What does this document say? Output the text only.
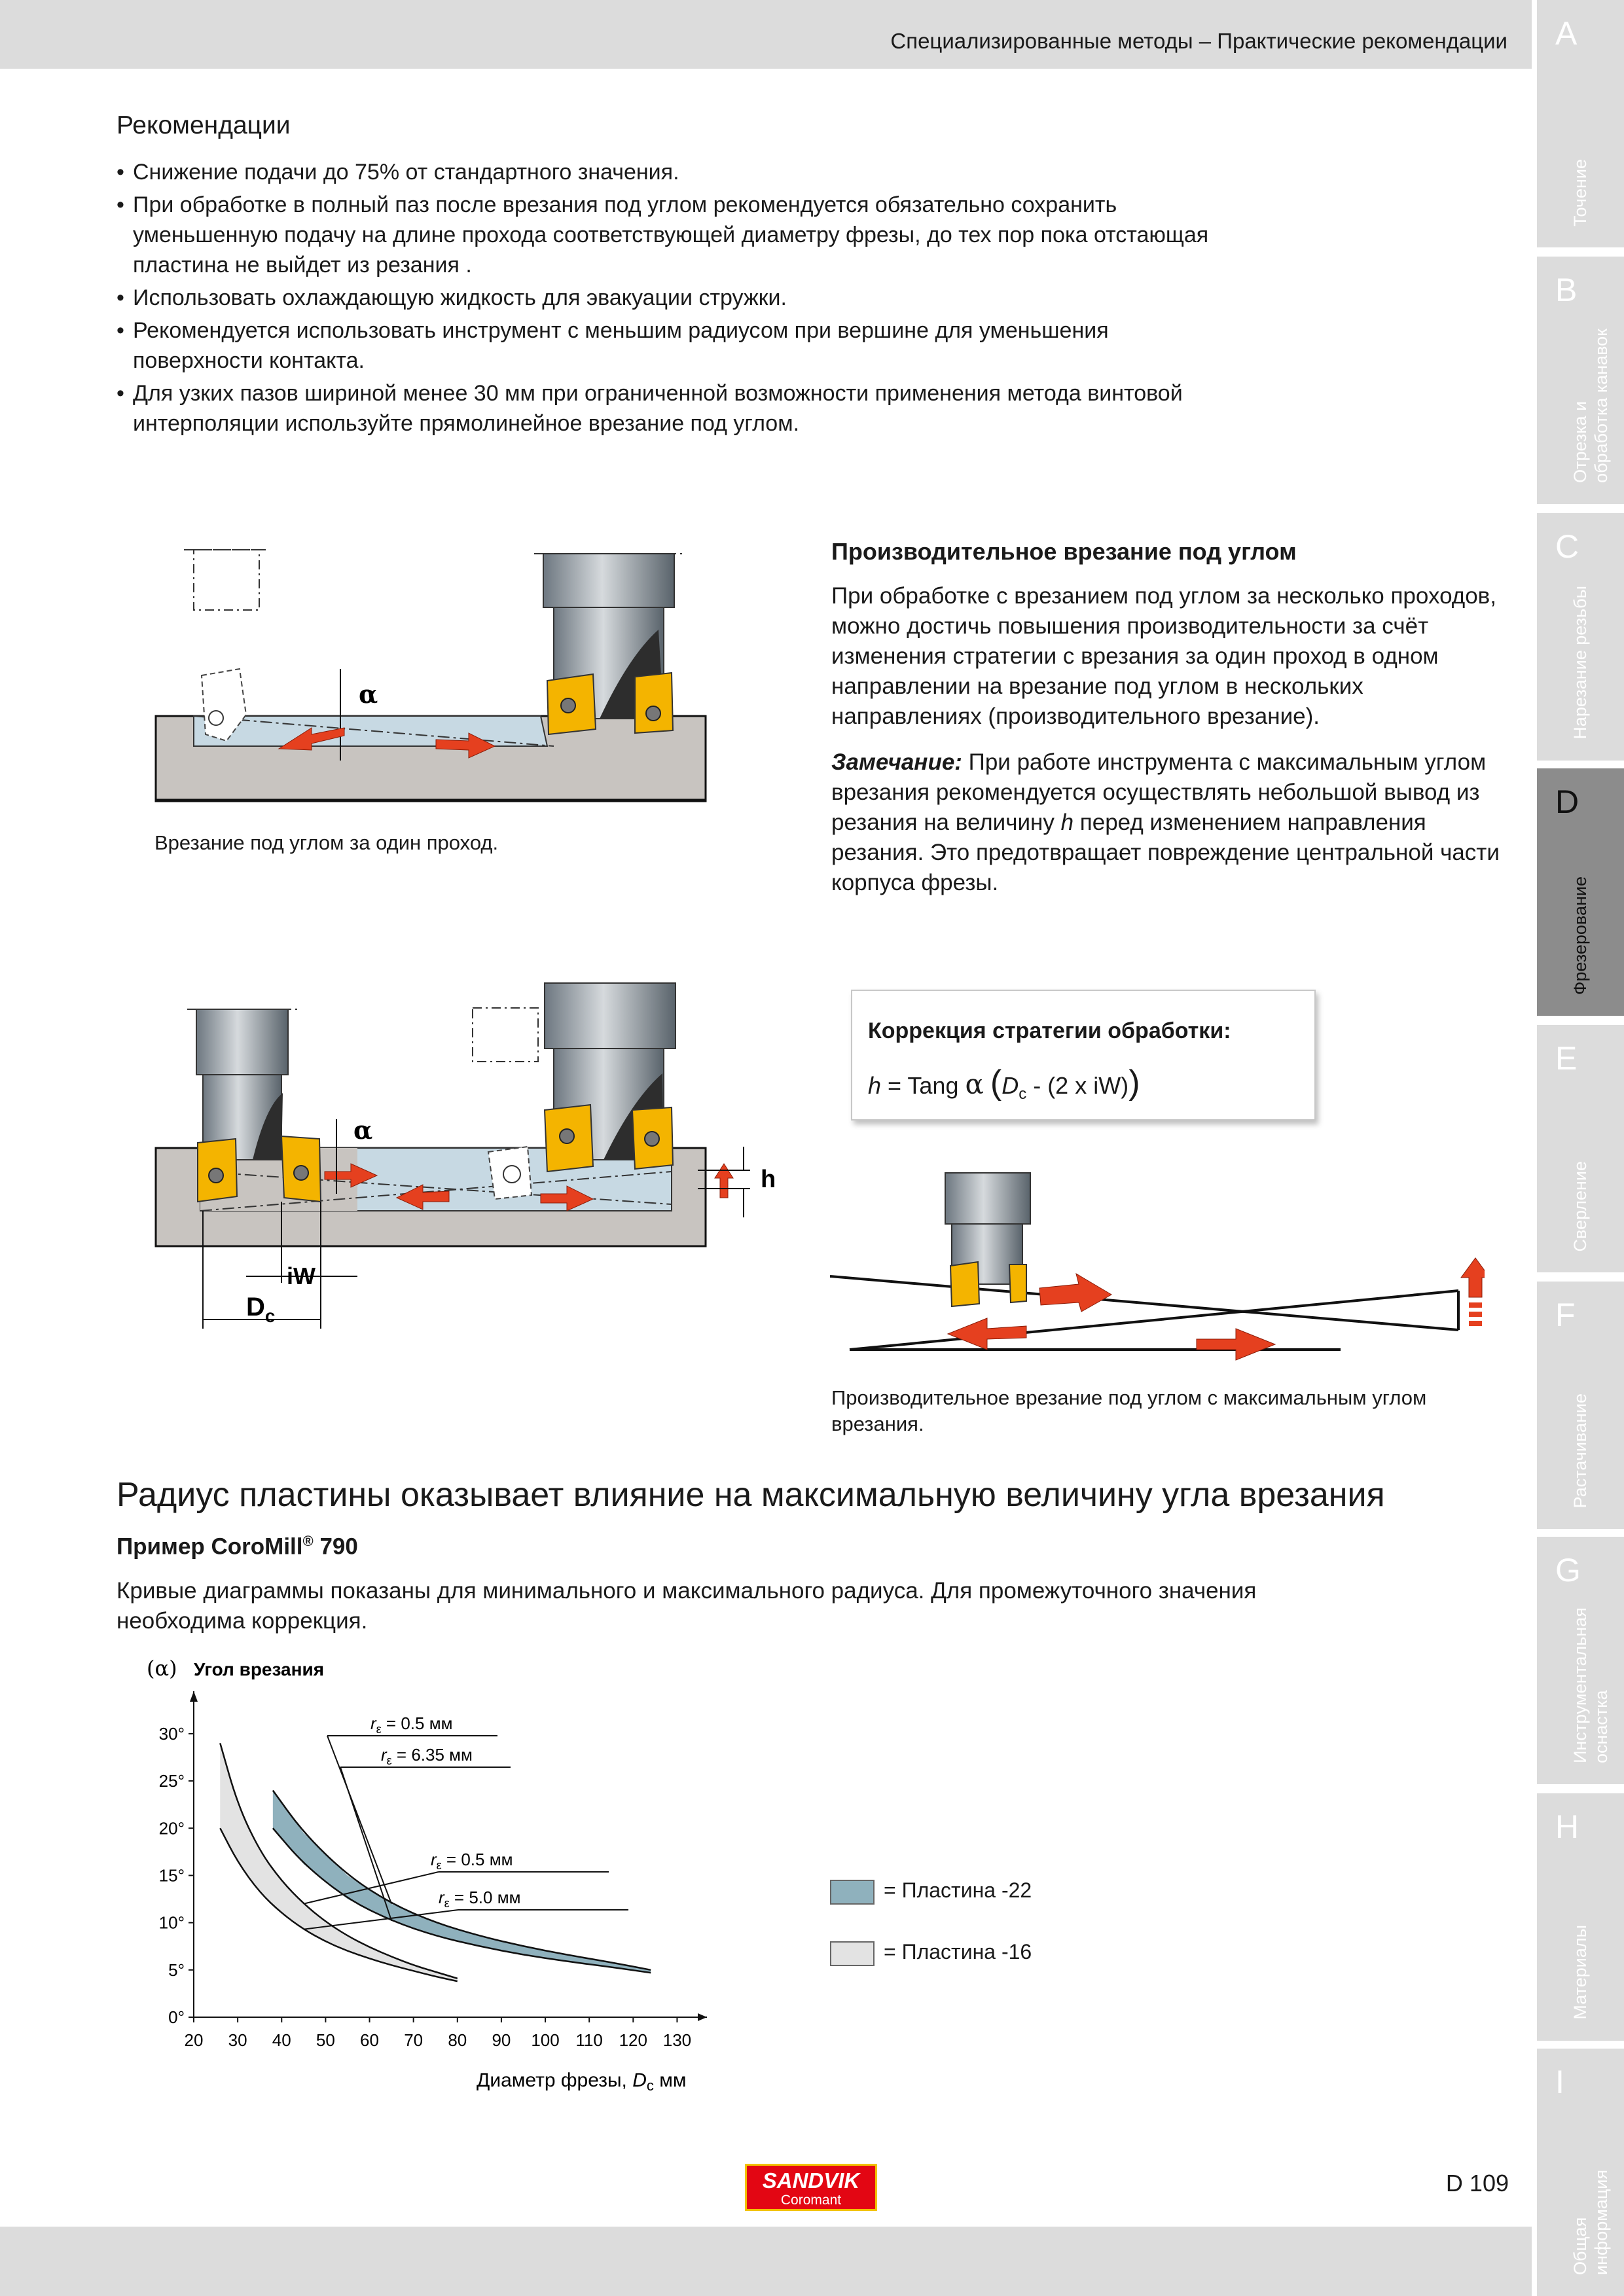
Специализированные методы – Практические рекомендации A
Точение
B
Отрезка и
обработка канавок
C
Нарезание резьбы
D
Фрезерование
E
Сверление
F
Растачивание
G
Инструментальная
оснастка
H
Материалы
I
Общая
информация
Рекомендации
• Снижение подачи до 75% от стандартного значения.
• При обработке в полный паз после врезания под углом рекомендуется обязательно сохранить уменьшенную подачу на длине прохода соответствующей диаметру фрезы, до тех пор пока отстающая пластина не выйдет из резания .
• Использовать охлаждающую жидкость для эвакуации стружки.
• Рекомендуется использовать инструмент с меньшим радиусом при вершине для уменьшения поверхности контакта.
• Для узких пазов шириной менее 30 мм при ограниченной возможности применения метода винтовой интерполяции используйте прямолинейное врезание под углом.
α
Врезание под углом за один проход.
Производительное врезание под углом
При обработке с врезанием под углом за несколько проходов, можно достичь повышения производительности за счёт изменения стратегии с врезания за один проход в одном направлении на врезание под углом в нескольких направлениях (производительного врезание).
Замечание: При работе инструмента с максимальным углом врезания рекомендуется осуществлять небольшой вывод из резания на величину h перед изменением направления резания. Это предотвращает повреждение центральной части корпуса фрезы.
α
h
iW
$D_c$
Коррекция стратегии обработки:
h = Tang α ($D_c - (2$ x iW))
Производительное врезание под углом с максимальным углом врезания.
Радиус пластины оказывает влияние на максимальную величину угла врезания
Пример CoroMill® 790
Кривые диаграммы показаны для минимального и максимального радиуса. Для промежуточного значения необходима коррекция.
20 30 40 50 60 70 80 90 100 110 120 130
0°
5°
10°
15°
20°
25°
30°
$r_\varepsilon = 0.5$ мм
$r_\varepsilon = 6.35$ мм
$r_\varepsilon = 0.5$ мм
$r_\varepsilon = 5.0$ мм
(α) Угол врезания
Диаметр фрезы, $D_c$ мм
= Пластина -22
= Пластина -16
SANDVIK
Coromant
D 109
